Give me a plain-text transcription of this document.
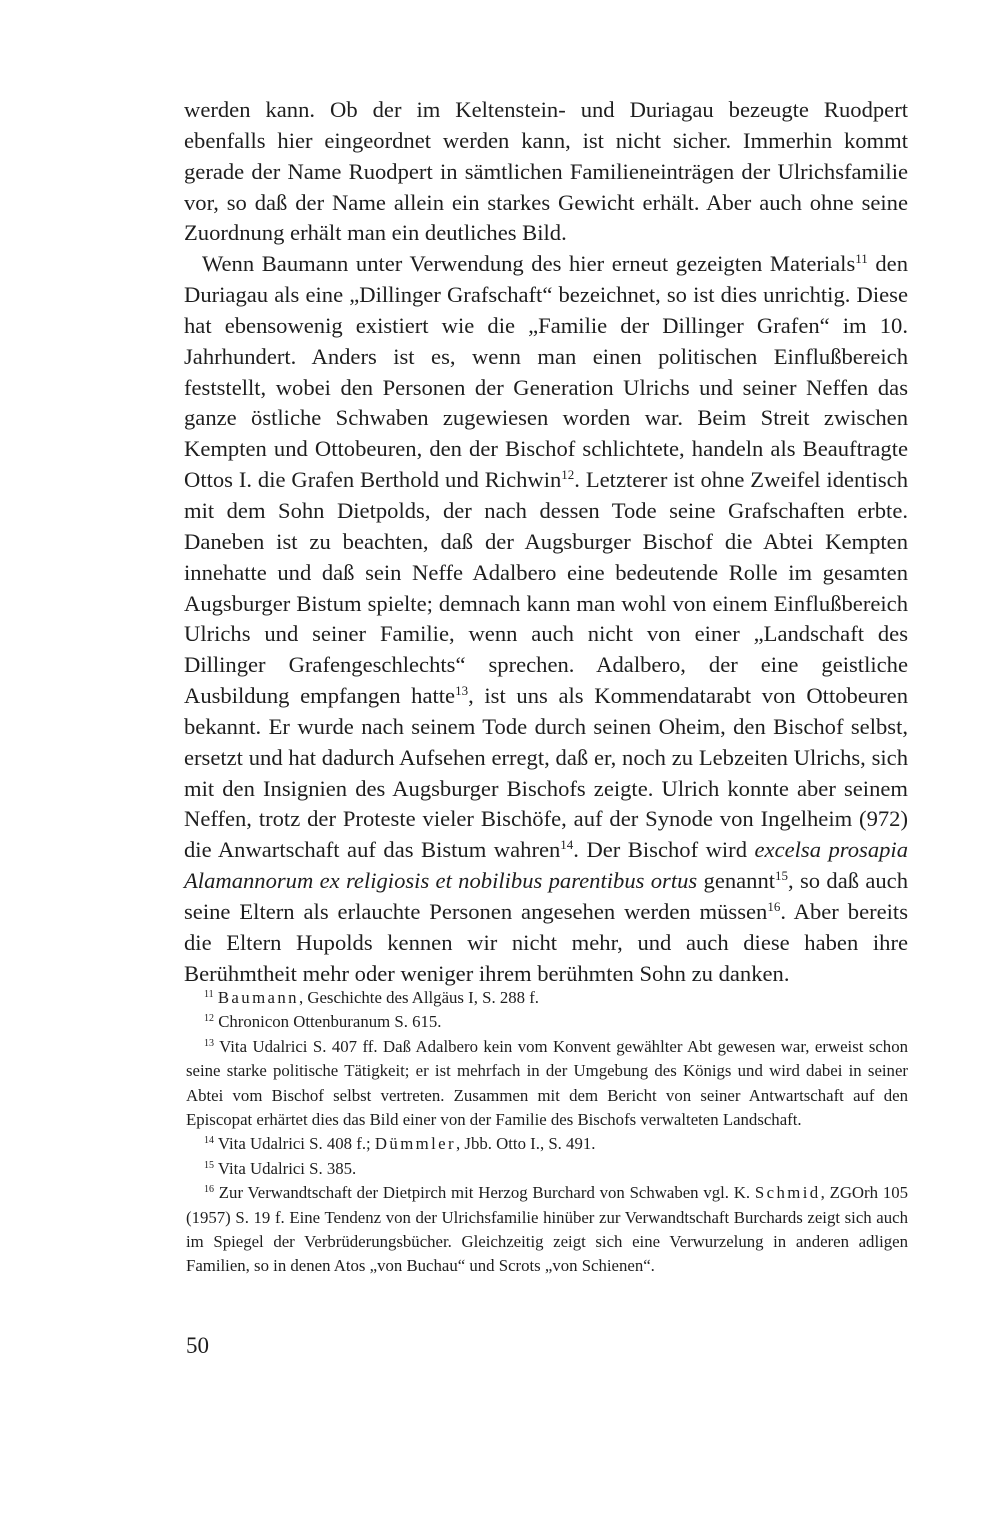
werden kann. Ob der im Keltenstein- und Duriagau bezeugte Ruodpert ebenfalls hier eingeordnet werden kann, ist nicht sicher. Immerhin kommt gerade der Name Ruodpert in sämtlichen Familieneinträgen der Ulrichsfamilie vor, so daß der Name allein ein starkes Gewicht erhält. Aber auch ohne seine Zuordnung erhält man ein deutliches Bild.

Wenn Baumann unter Verwendung des hier erneut gezeigten Materials$^{11}$ den Duriagau als eine „Dillinger Grafschaft“ bezeichnet, so ist dies unrichtig. Diese hat ebensowenig existiert wie die „Familie der Dillinger Grafen“ im 10. Jahrhundert. Anders ist es, wenn man einen politischen Einflußbereich feststellt, wobei den Personen der Generation Ulrichs und seiner Neffen das ganze östliche Schwaben zugewiesen worden war. Beim Streit zwischen Kempten und Ottobeuren, den der Bischof schlichtete, handeln als Beauftragte Ottos I. die Grafen Berthold und Richwin$^{12}$. Letzterer ist ohne Zweifel identisch mit dem Sohn Dietpolds, der nach dessen Tode seine Grafschaften erbte. Daneben ist zu beachten, daß der Augsburger Bischof die Abtei Kempten innehatte und daß sein Neffe Adalbero eine bedeutende Rolle im gesamten Augsburger Bistum spielte; demnach kann man wohl von einem Einflußbereich Ulrichs und seiner Familie, wenn auch nicht von einer „Landschaft des Dillinger Grafengeschlechts“ sprechen. Adalbero, der eine geistliche Ausbildung empfangen hatte$^{13}$, ist uns als Kommendatarabt von Ottobeuren bekannt. Er wurde nach seinem Tode durch seinen Oheim, den Bischof selbst, ersetzt und hat dadurch Aufsehen erregt, daß er, noch zu Lebzeiten Ulrichs, sich mit den Insignien des Augsburger Bischofs zeigte. Ulrich konnte aber seinem Neffen, trotz der Proteste vieler Bischöfe, auf der Synode von Ingelheim (972) die Anwartschaft auf das Bistum wahren$^{14}$. Der Bischof wird excelsa prosapia Alamannorum ex religiosis et nobilibus parentibus ortus genannt$^{15}$, so daß auch seine Eltern als erlauchte Personen angesehen werden müssen$^{16}$. Aber bereits die Eltern Hupolds kennen wir nicht mehr, und auch diese haben ihre Berühmtheit mehr oder weniger ihrem berühmten Sohn zu danken.

$^{11}$ Baumann, Geschichte des Allgäus I, S. 288 f.

$^{12}$ Chronicon Ottenburanum S. 615.

$^{13}$ Vita Udalrici S. 407 ff. Daß Adalbero kein vom Konvent gewählter Abt gewesen war, erweist schon seine starke politische Tätigkeit; er ist mehrfach in der Umgebung des Königs und wird dabei in seiner Abtei vom Bischof selbst vertreten. Zusammen mit dem Bericht von seiner Antwartschaft auf den Episcopat erhärtet dies das Bild einer von der Familie des Bischofs verwalteten Landschaft.

$^{14}$ Vita Udalrici S. 408 f.; Dümmler, Jbb. Otto I., S. 491.

$^{15}$ Vita Udalrici S. 385.

$^{16}$ Zur Verwandtschaft der Dietpirch mit Herzog Burchard von Schwaben vgl. K. Schmid, ZGOrh 105 (1957) S. 19 f. Eine Tendenz von der Ulrichsfamilie hinüber zur Verwandtschaft Burchards zeigt sich auch im Spiegel der Verbrüderungsbücher. Gleichzeitig zeigt sich eine Verwurzelung in anderen adligen Familien, so in denen Atos „von Buchau“ und Scrots „von Schienen“.

50
